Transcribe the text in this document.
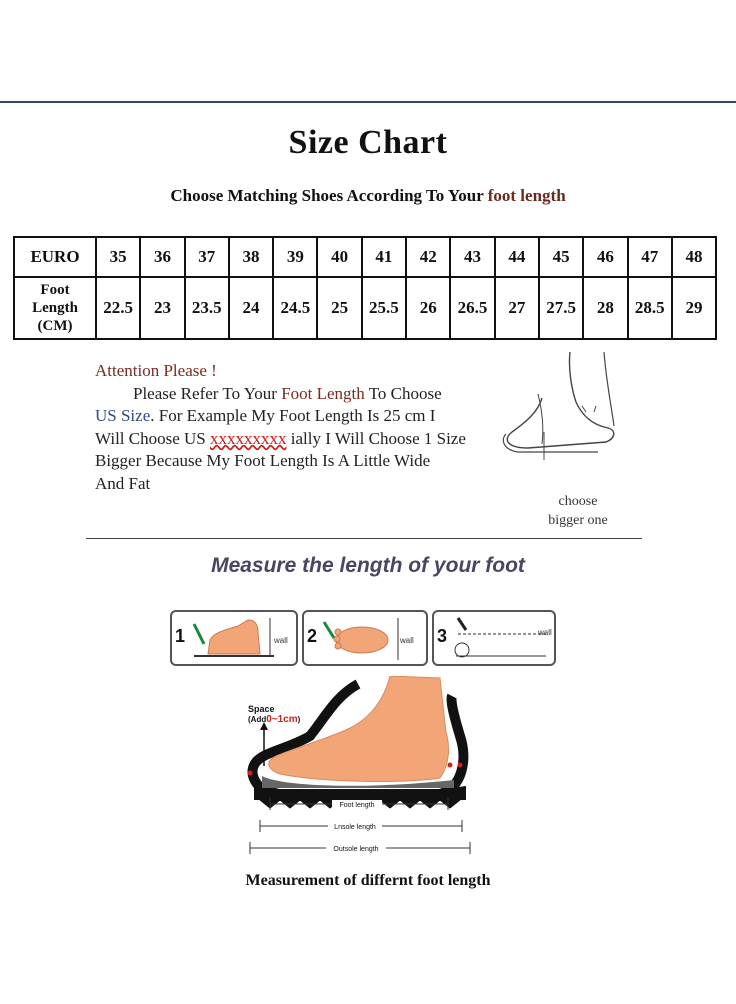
Size Chart
Choose Matching Shoes According To Your foot length
EURO	35	36	37	38	39	40	41	42	43	44	45	46	47	48

Foot
Length
(CM)	22.5	23	23.5	24	24.5	25	25.5	26	26.5	27	27.5	28	28.5	29

Attention Please !

Please Refer To Your Foot Length To Choose

US Size. For Example My Foot Length Is 25 cm I

Will Choose US xxxxxxxxx ially I Will Choose 1 Size

Bigger Because My Foot Length Is A Little Wide

And Fat

choose
bigger one
Measure the length of your foot
1	wall 2	wall 3	wall
Space
(Add0~1cm)
Foot length
Lnsole length
Outsole length
Measurement of differnt foot length
